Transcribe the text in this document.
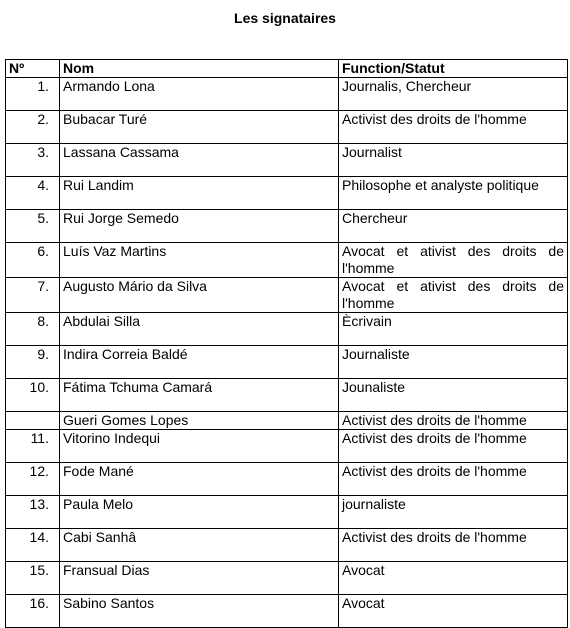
Les signataires
Nº	Nom	Function/Statut
1.	Armando Lona	Journalis, Chercheur
2.	Bubacar Turé	Activist des droits de l'homme
3.	Lassana Cassama	Journalist
4.	Rui Landim	Philosophe et analyste politique
5.	Rui Jorge Semedo	Chercheur
6.	Luís Vaz Martins	Avocat et ativist des droits de l'homme
7.	Augusto Mário da Silva	Avocat et ativist des droits de l'homme
8.	Abdulai Silla	Ècrivain
9.	Indira Correia Baldé	Journaliste
10.	Fátima Tchuma Camará	Jounaliste
	Gueri Gomes Lopes	Activist des droits de l'homme
11.	Vitorino Indequi	Activist des droits de l'homme
12.	Fode Mané	Activist des droits de l'homme
13.	Paula Melo	journaliste
14.	Cabi Sanhâ	Activist des droits de l'homme
15.	Fransual Dias	Avocat
16.	Sabino Santos	Avocat
